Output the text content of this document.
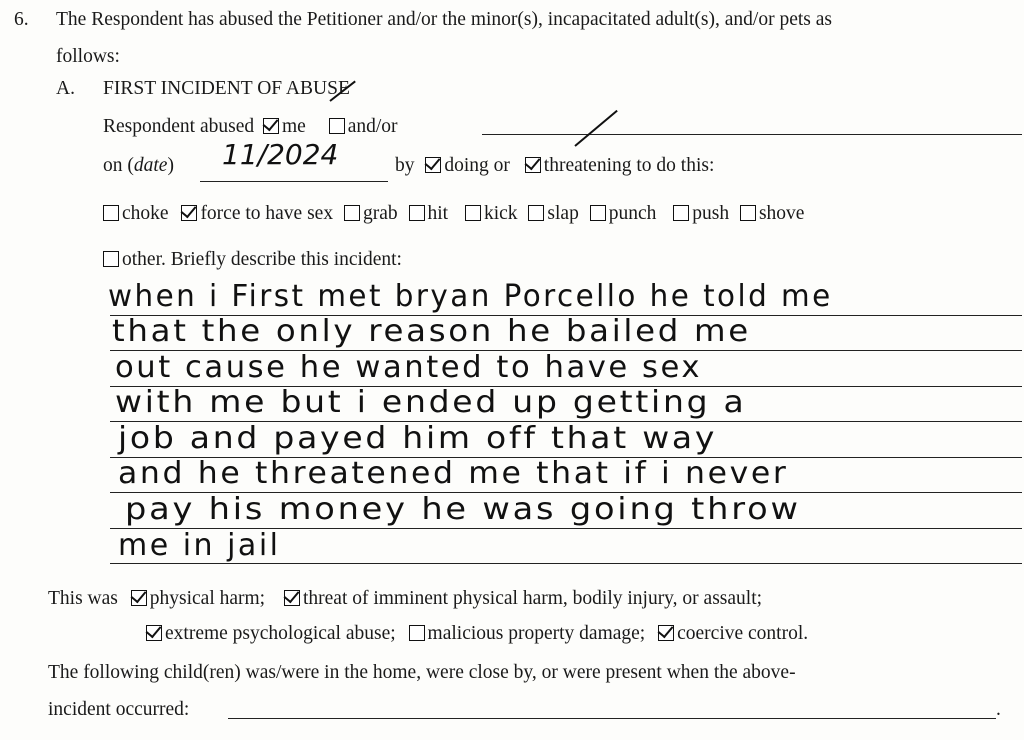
6. The Respondent has abused the Petitioner and/or the minor(s), incapacitated adult(s), and/or pets as
follows:
A. FIRST INCIDENT OF ABUSE
Respondent abused me and/or
on (date) 11/2024	by doing or threatening to do this:
choke force to have sex grab hit kick slap punch push shove
other. Briefly describe this incident:
when i First met bryan Porcello he told me
that the only reason he bailed me
out cause he wanted to have sex
with me but i ended up getting a
job and payed him off that way
and he threatened me that if i never
pay his money he was going throw
me in jail
This was physical harm; threat of imminent physical harm, bodily injury, or assault;
extreme psychological abuse; malicious property damage; coercive control.
The following child(ren) was/were in the home, were close by, or were present when the above-
incident occurred:	.
